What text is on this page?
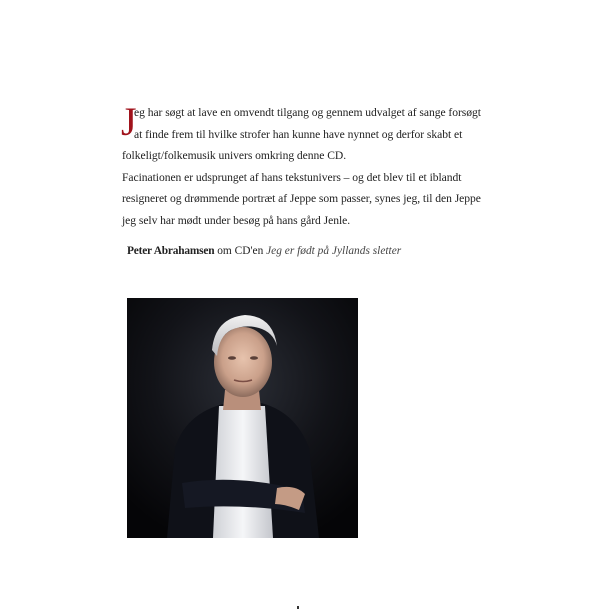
J
eg har søgt at lave en omvendt tilgang og gennem udvalget af sange forsøgt
at finde frem til hvilke strofer han kunne have nynnet og derfor skabt et
folkeligt/folkemusik univers omkring denne CD.
Facinationen er udsprunget af hans tekstunivers – og det blev til et iblandt
resigneret og drømmende portræt af Jeppe som passer, synes jeg, til den Jeppe
jeg selv har mødt under besøg på hans gård Jenle.
Peter Abrahamsen om CD'en Jeg er født på Jyllands sletter
